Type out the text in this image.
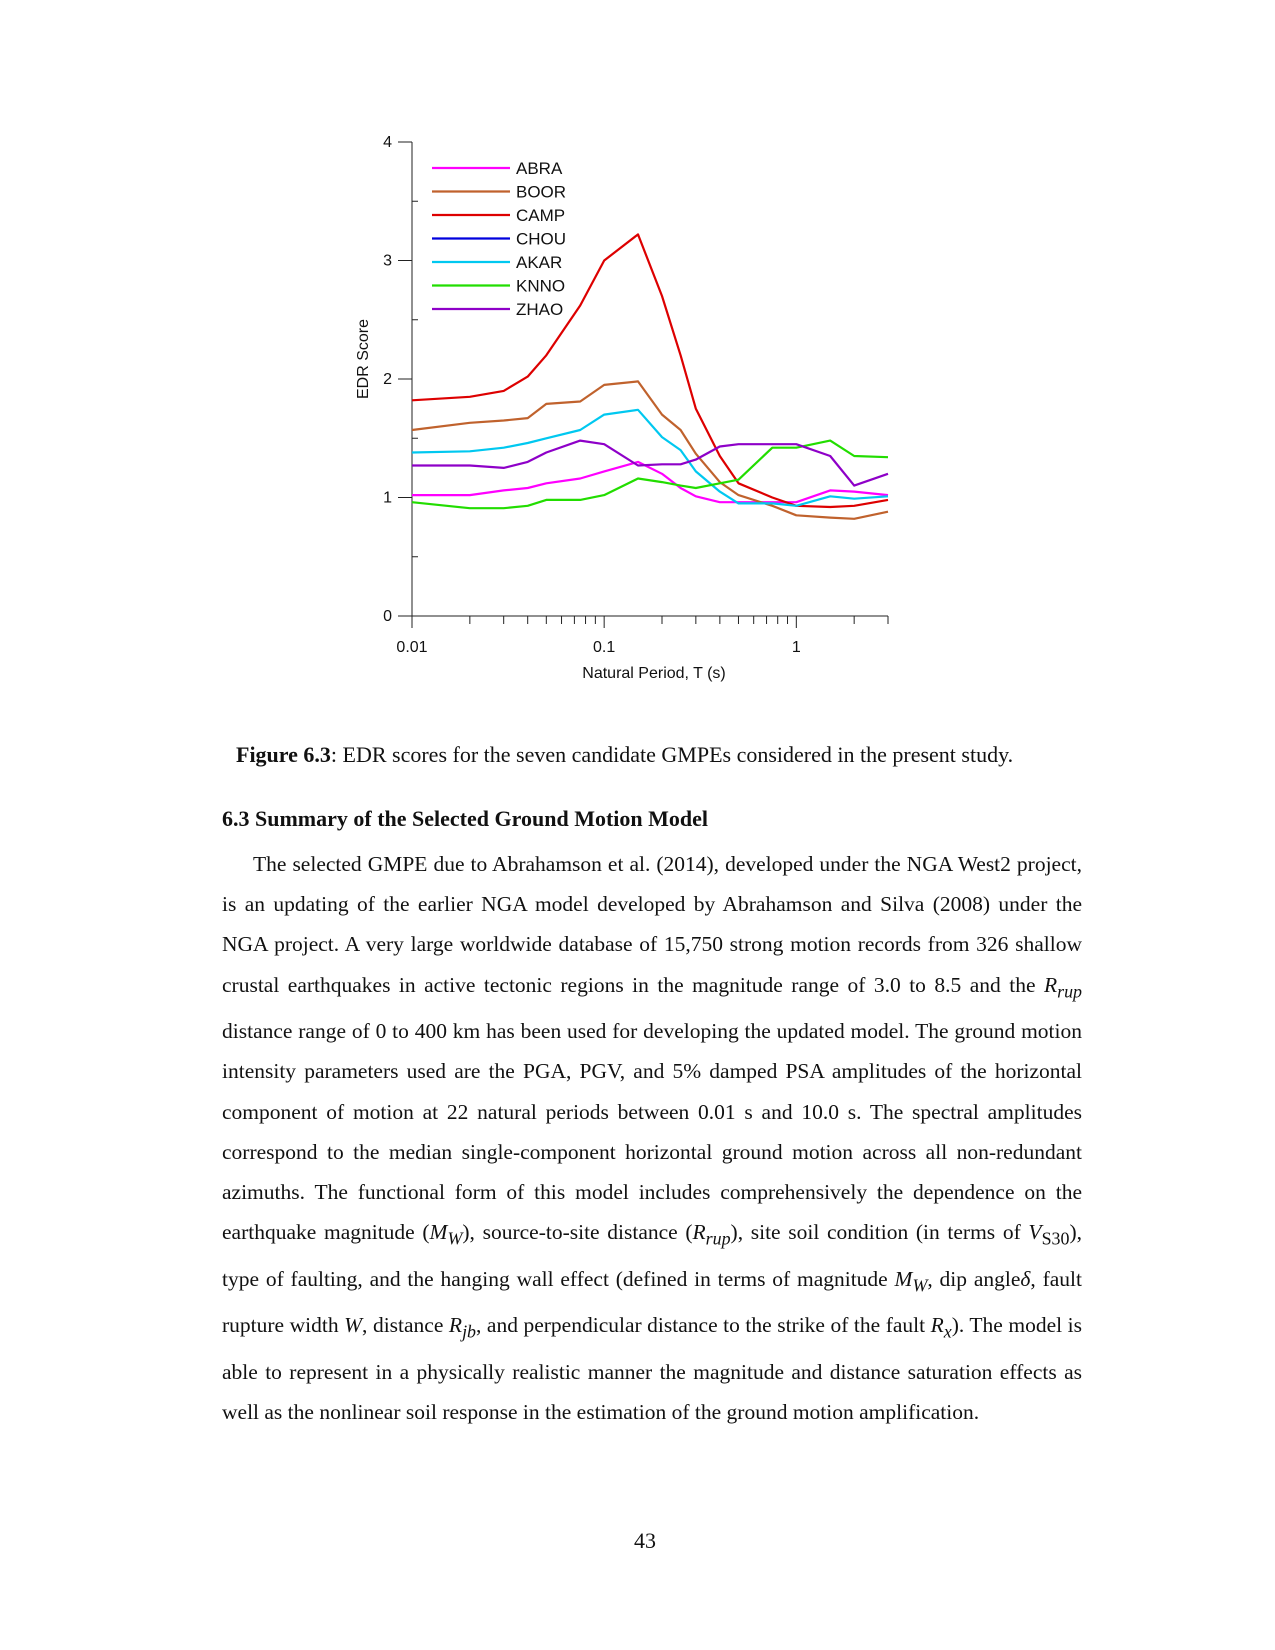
0
1
2
3
4
0.01	0.1	1
Natural Period, T (s)
EDR Score
ABRA
BOOR
CAMP
CHOU
AKAR
KNNO
ZHAO
Figure 6.3: EDR scores for the seven candidate GMPEs considered in the present study.
6.3 Summary of the Selected Ground Motion Model
The selected GMPE due to Abrahamson et al. (2014), developed under the NGA West2 project, is an updating of the earlier NGA model developed by Abrahamson and Silva (2008) under the NGA project. A very large worldwide database of 15,750 strong motion records from 326 shallow crustal earthquakes in active tectonic regions in the magnitude range of 3.0 to 8.5 and the $R_{rup}$ distance range of 0 to 400 km has been used for developing the updated model. The ground motion intensity parameters used are the PGA, PGV, and 5% damped PSA amplitudes of the horizontal component of motion at 22 natural periods between 0.01 s and 10.0 s. The spectral amplitudes correspond to the median single-component horizontal ground motion across all non-redundant azimuths. The functional form of this model includes comprehensively the dependence on the earthquake magnitude $(M_W)$, source-to-site distance $(R_{rup})$, site soil condition (in terms of $V_{S30}$), type of faulting, and the hanging wall effect (defined in terms of magnitude $M_W$, dip angleδ, fault rupture width W, distance $R_{jb}$, and perpendicular distance to the strike of the fault $R_x$). The model is able to represent in a physically realistic manner the magnitude and distance saturation effects as well as the nonlinear soil response in the estimation of the ground motion amplification.
43
